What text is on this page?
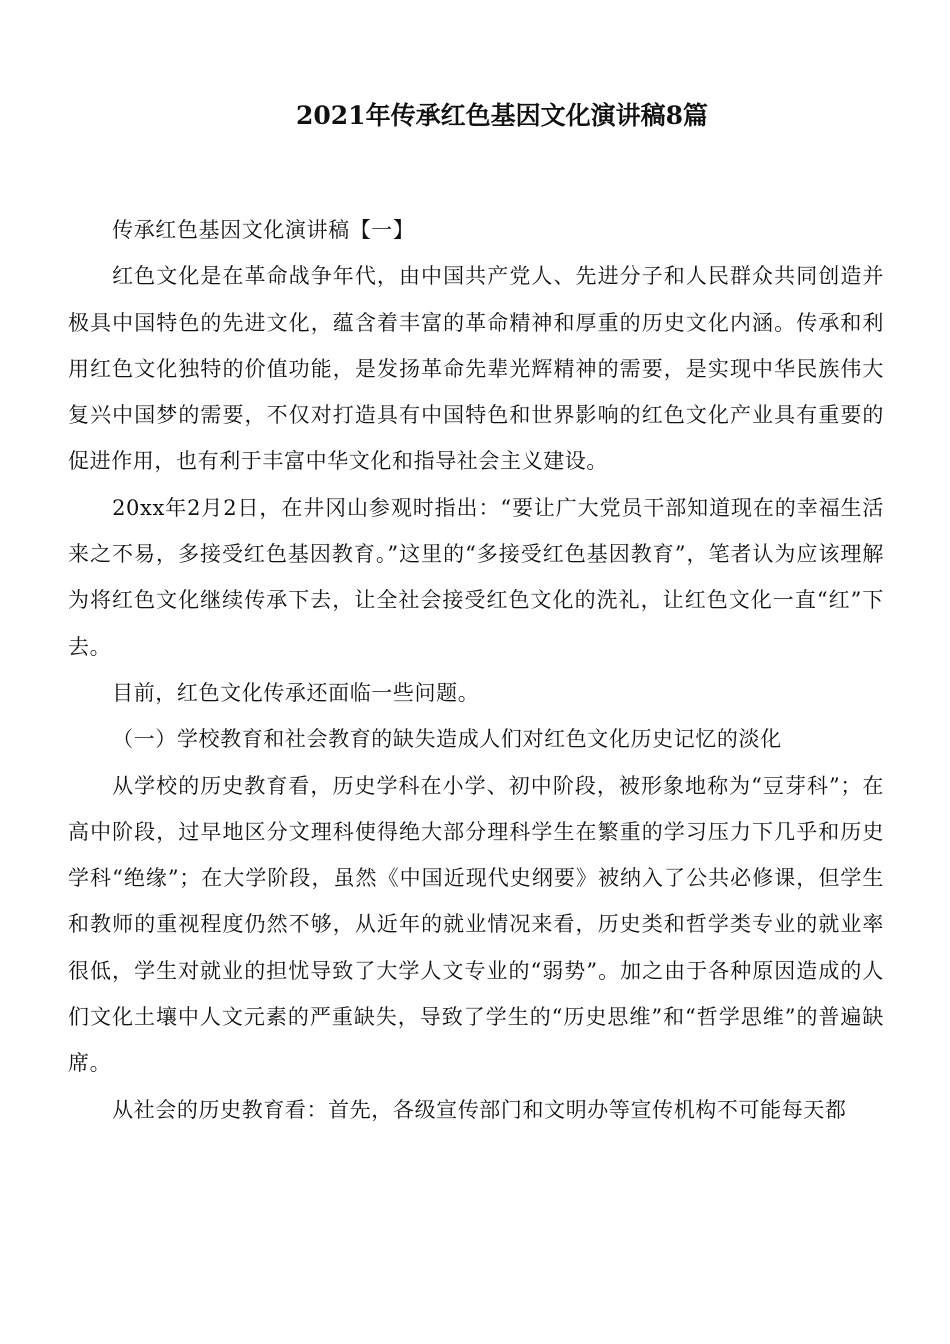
2021年传承红色基因文化演讲稿8篇

传承红色基因文化演讲稿【一】

红色文化是在革命战争年代，由中国共产党人、先进分子和人民群众共同创造并极具中国特色的先进文化，蕴含着丰富的革命精神和厚重的历史文化内涵。传承和利用红色文化独特的价值功能，是发扬革命先辈光辉精神的需要，是实现中华民族伟大复兴中国梦的需要，不仅对打造具有中国特色和世界影响的红色文化产业具有重要的促进作用，也有利于丰富中华文化和指导社会主义建设。

20xx年2月2日，在井冈山参观时指出：“要让广大党员干部知道现在的幸福生活来之不易，多接受红色基因教育。”这里的“多接受红色基因教育”，笔者认为应该理解为将红色文化继续传承下去，让全社会接受红色文化的洗礼，让红色文化一直“红”下去。

目前，红色文化传承还面临一些问题。

（一）学校教育和社会教育的缺失造成人们对红色文化历史记忆的淡化

从学校的历史教育看，历史学科在小学、初中阶段，被形象地称为“豆芽科”；在高中阶段，过早地区分文理科使得绝大部分理科学生在繁重的学习压力下几乎和历史学科“绝缘”；在大学阶段，虽然《中国近现代史纲要》被纳入了公共必修课，但学生和教师的重视程度仍然不够，从近年的就业情况来看，历史类和哲学类专业的就业率很低，学生对就业的担忧导致了大学人文专业的“弱势”。加之由于各种原因造成的人们文化土壤中人文元素的严重缺失，导致了学生的“历史思维”和“哲学思维”的普遍缺席。

从社会的历史教育看：首先，各级宣传部门和文明办等宣传机构不可能每天都
